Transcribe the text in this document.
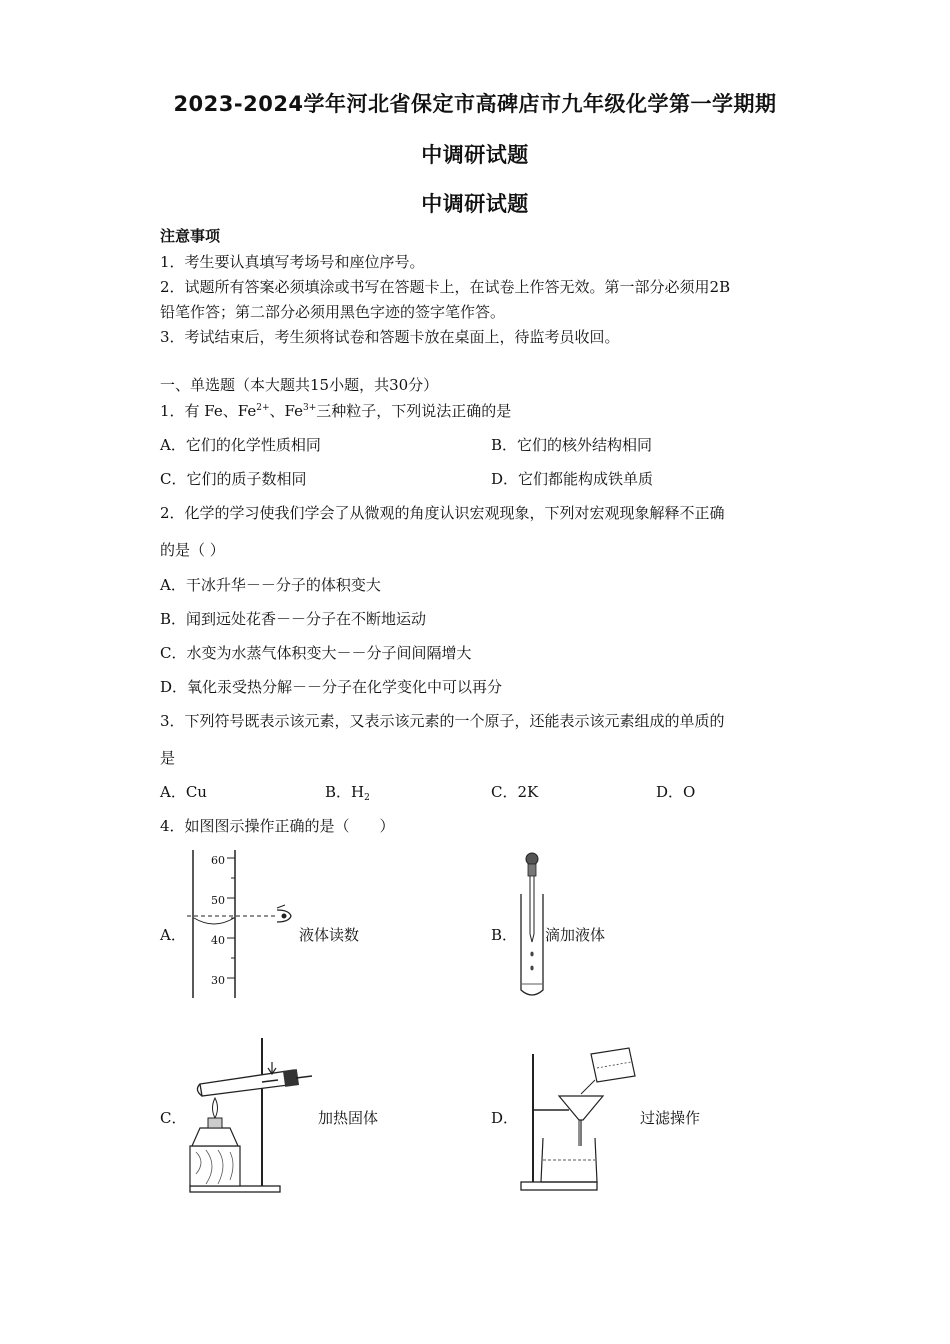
2023-2024学年河北省保定市高碑店市九年级化学第一学期期
中调研试题
中调研试题
注意事项
1．考生要认真填写考场号和座位序号。
2．试题所有答案必须填涂或书写在答题卡上，在试卷上作答无效。第一部分必须用2B
铅笔作答；第二部分必须用黑色字迹的签字笔作答。
3．考试结束后，考生须将试卷和答题卡放在桌面上，待监考员收回。
一、单选题（本大题共15小题，共30分）
1．有 Fe、$Fe^{2+}$、$Fe^{3+}$三种粒子，下列说法正确的是
A．它们的化学性质相同	B．它们的核外结构相同
C．它们的质子数相同	D．它们都能构成铁单质
2．化学的学习使我们学会了从微观的角度认识宏观现象，下列对宏观现象解释不正确
的是（ ）
A．干冰升华－－分子的体积变大
B．闻到远处花香－－分子在不断地运动
C．水变为水蒸气体积变大－－分子间间隔增大
D．氧化汞受热分解－－分子在化学变化中可以再分
3．下列符号既表示该元素，又表示该元素的一个原子，还能表示该元素组成的单质的
是
A．Cu	B．$H_2$	C．2K	D．O
4．如图图示操作正确的是（　　）
A．
60
50
40
30
液体读数	B． 滴加液体
C．	加热固体	D．	过滤操作
